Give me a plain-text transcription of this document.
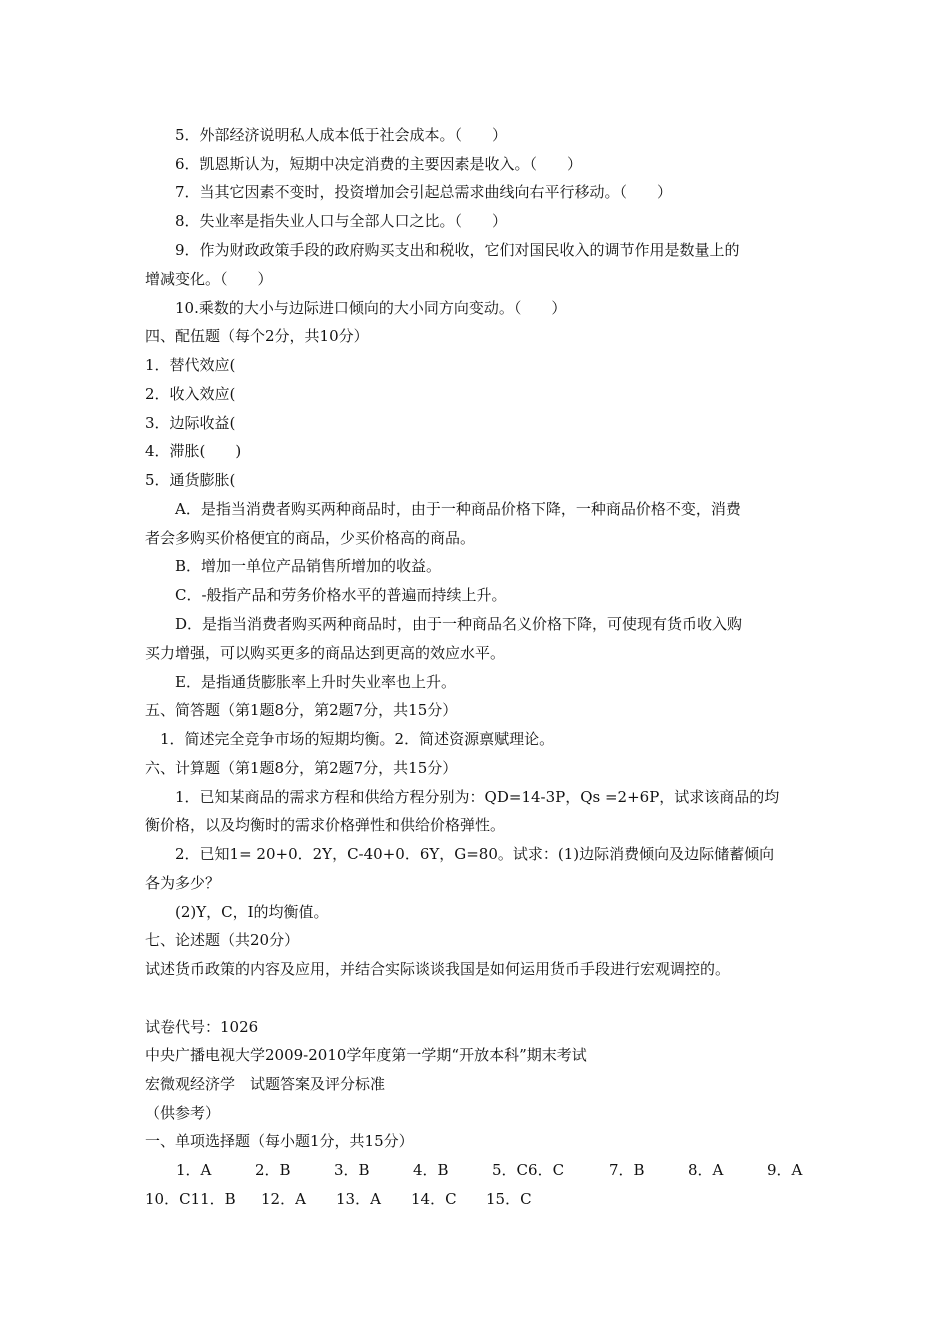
5．外部经济说明私人成本低于社会成本。（　　）
6．凯恩斯认为，短期中决定消费的主要因素是收入。（　　）
7．当其它因素不变时，投资增加会引起总需求曲线向右平行移动。（　　）
8．失业率是指失业人口与全部人口之比。（　　）
9．作为财政政策手段的政府购买支出和税收，它们对国民收入的调节作用是数量上的
增减变化。（　　）
10.乘数的大小与边际进口倾向的大小同方向变动。（　　）
四、配伍题（每个2分，共10分）
1．替代效应(
2．收入效应(
3．边际收益(
4．滞胀(　　)
5．通货膨胀(
A．是指当消费者购买两种商品时，由于一种商品价格下降，一种商品价格不变，消费
者会多购买价格便宜的商品，少买价格高的商品。
B．增加一单位产品销售所增加的收益。
C．-般指产品和劳务价格水平的普遍而持续上升。
D．是指当消费者购买两种商品时，由于一种商品名义价格下降，可使现有货币收入购
买力增强，可以购买更多的商品达到更高的效应水平。
E．是指通货膨胀率上升时失业率也上升。
五、简答题（第1题8分，第2题7分，共15分）
1．简述完全竞争市场的短期均衡。2．简述资源禀赋理论。
六、计算题（第1题8分，第2题7分，共15分）
1．已知某商品的需求方程和供给方程分别为：QD=14-3P，Qs =2+6P，试求该商品的均
衡价格，以及均衡时的需求价格弹性和供给价格弹性。
2．已知1= 20+0．2Y，C-40+0．6Y，G=80。试求：(1)边际消费倾向及边际储蓄倾向
各为多少？
(2)Y，C，I的均衡值。
七、论述题（共20分）
试述货币政策的内容及应用，并结合实际谈谈我国是如何运用货币手段进行宏观调控的。
试卷代号：1026
中央广播电视大学2009-2010学年度第一学期“开放本科”期末考试
宏微观经济学　试题答案及评分标准
（供参考）
一、单项选择题（每小题1分，共15分）
1．A	2．B	3．B	4．B	5．C6．C	7．B	8．A	9．A
10．C11．B 12．A 13．A 14．C 15．C
